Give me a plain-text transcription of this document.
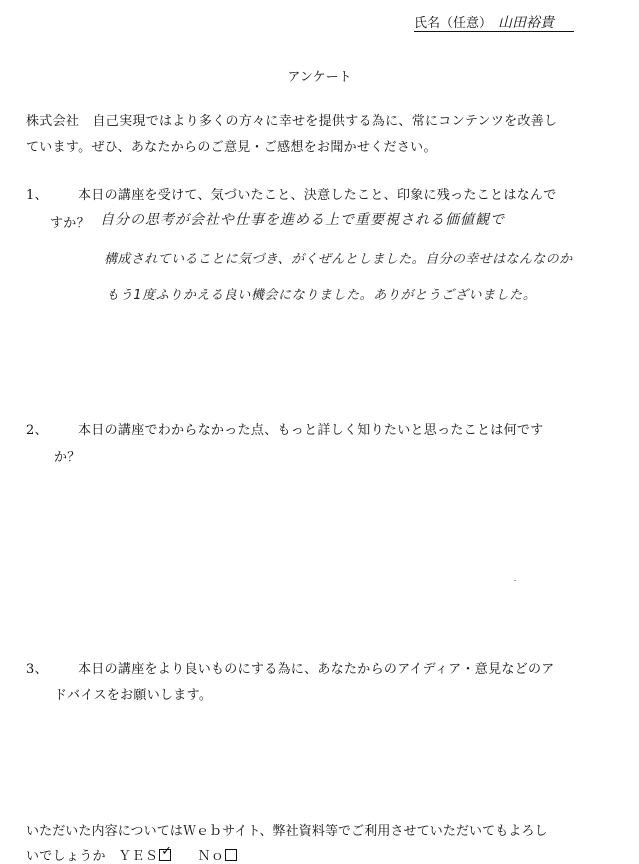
氏名（任意） 山田裕貴
アンケート
株式会社　自己実現ではより多くの方々に幸せを提供する為に、常にコンテンツを改善し
ています。ぜひ、あなたからのご意見・ご感想をお聞かせください。
1、 本日の講座を受けて、気づいたこと、決意したこと、印象に残ったことはなんで
すか？ 自分の思考が会社や仕事を進める上で重要視される価値観で
構成されていることに気づき、がくぜんとしました。自分の幸せはなんなのか
もう1度ふりかえる良い機会になりました。ありがとうございました。
2、 本日の講座でわからなかった点、もっと詳しく知りたいと思ったことは何です
か？
3、 本日の講座をより良いものにする為に、あなたからのアイディア・意見などのア
ドバイスをお願いします。
いただいた内容についてはＷｅｂサイト、弊社資料等でご利用させていただいてもよろし
いでしょうか ＹＥＳ ✓ Ｎｏ
